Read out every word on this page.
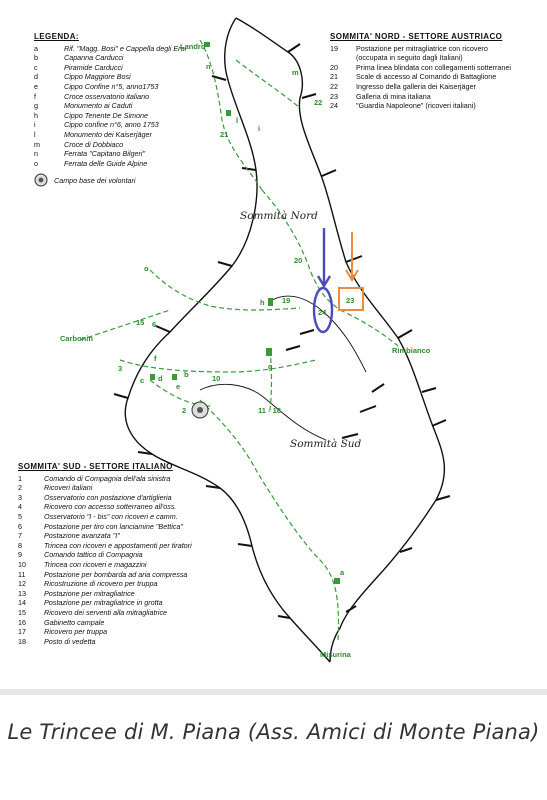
LEGENDA:
a	Rif. "Magg. Bosi" e Cappella degli Eroi
b	Capanna Carducci
c	Piramide Carducci
d	Cippo Maggiore Bosi
e	Cippo Confine n°5, anno1753
f	Croce osservatorio italiano
g	Monumento ai Caduti
h	Cippo Tenente De Simone
i	Cippo confine n°6, anno 1753
l	Monumento dei Kaiserjäger
m	Croce di Dobbiaco
n	Ferrata "Capitano Bilgeri"
o	Ferrata delle Guide Alpine
Campo base dei volontari
SOMMITA' NORD - SETTORE AUSTRIACO
19	Postazione per mitragliatrice con ricovero
(occupata in seguito dagli Italiani)
20	Prima linea blindata con collegamenti sotterranei
21	Scale di accesso al Comando di Battaglione
22	Ingresso della galleria dei Kaiserjäger
23	Galleria di mina italiana
24	"Guardia Napoleone" (ricoveri italiani)
SOMMITA' SUD - SETTORE ITALIANO
1	Comando di Compagnia dell'ala sinistra
2	Ricoveri italiani
3	Osservatorio con postazione d'artiglieria
4	Ricovero con accesso sotterraneo all'oss.
5	Osservatorio "I - bis" con ricoveri e camm.
6	Postazione per tiro con lanciamine "Bettica"
7	Postazione avanzata "I"
8	Trincea con ricoveri e appostamenti per tiratori
9	Comando tattico di Compagnia
10	Trincea con ricoveri e magazzini
11	Postazione per bombarda ad aria compressa
12	Ricostruzione di ricovero per truppa
13	Postazione per mitragliatrice
14	Postazione per mitragliatrice in grotta
15	Ricovero dei serventi alla mitragliatrice
16	Gabinetto campale
17	Ricovero per truppa
18	Posto di vedetta
Landro
Carbonin
Rimbianco
Misurina
Sommità Nord
Sommità Sud
21
22
20
19
24
23
15 6
3
10
2	11 - 18
a
b
c d
e
f
g
h
i
l
m
o
n
Le Trincee di M. Piana (Ass. Amici di Monte Piana)
